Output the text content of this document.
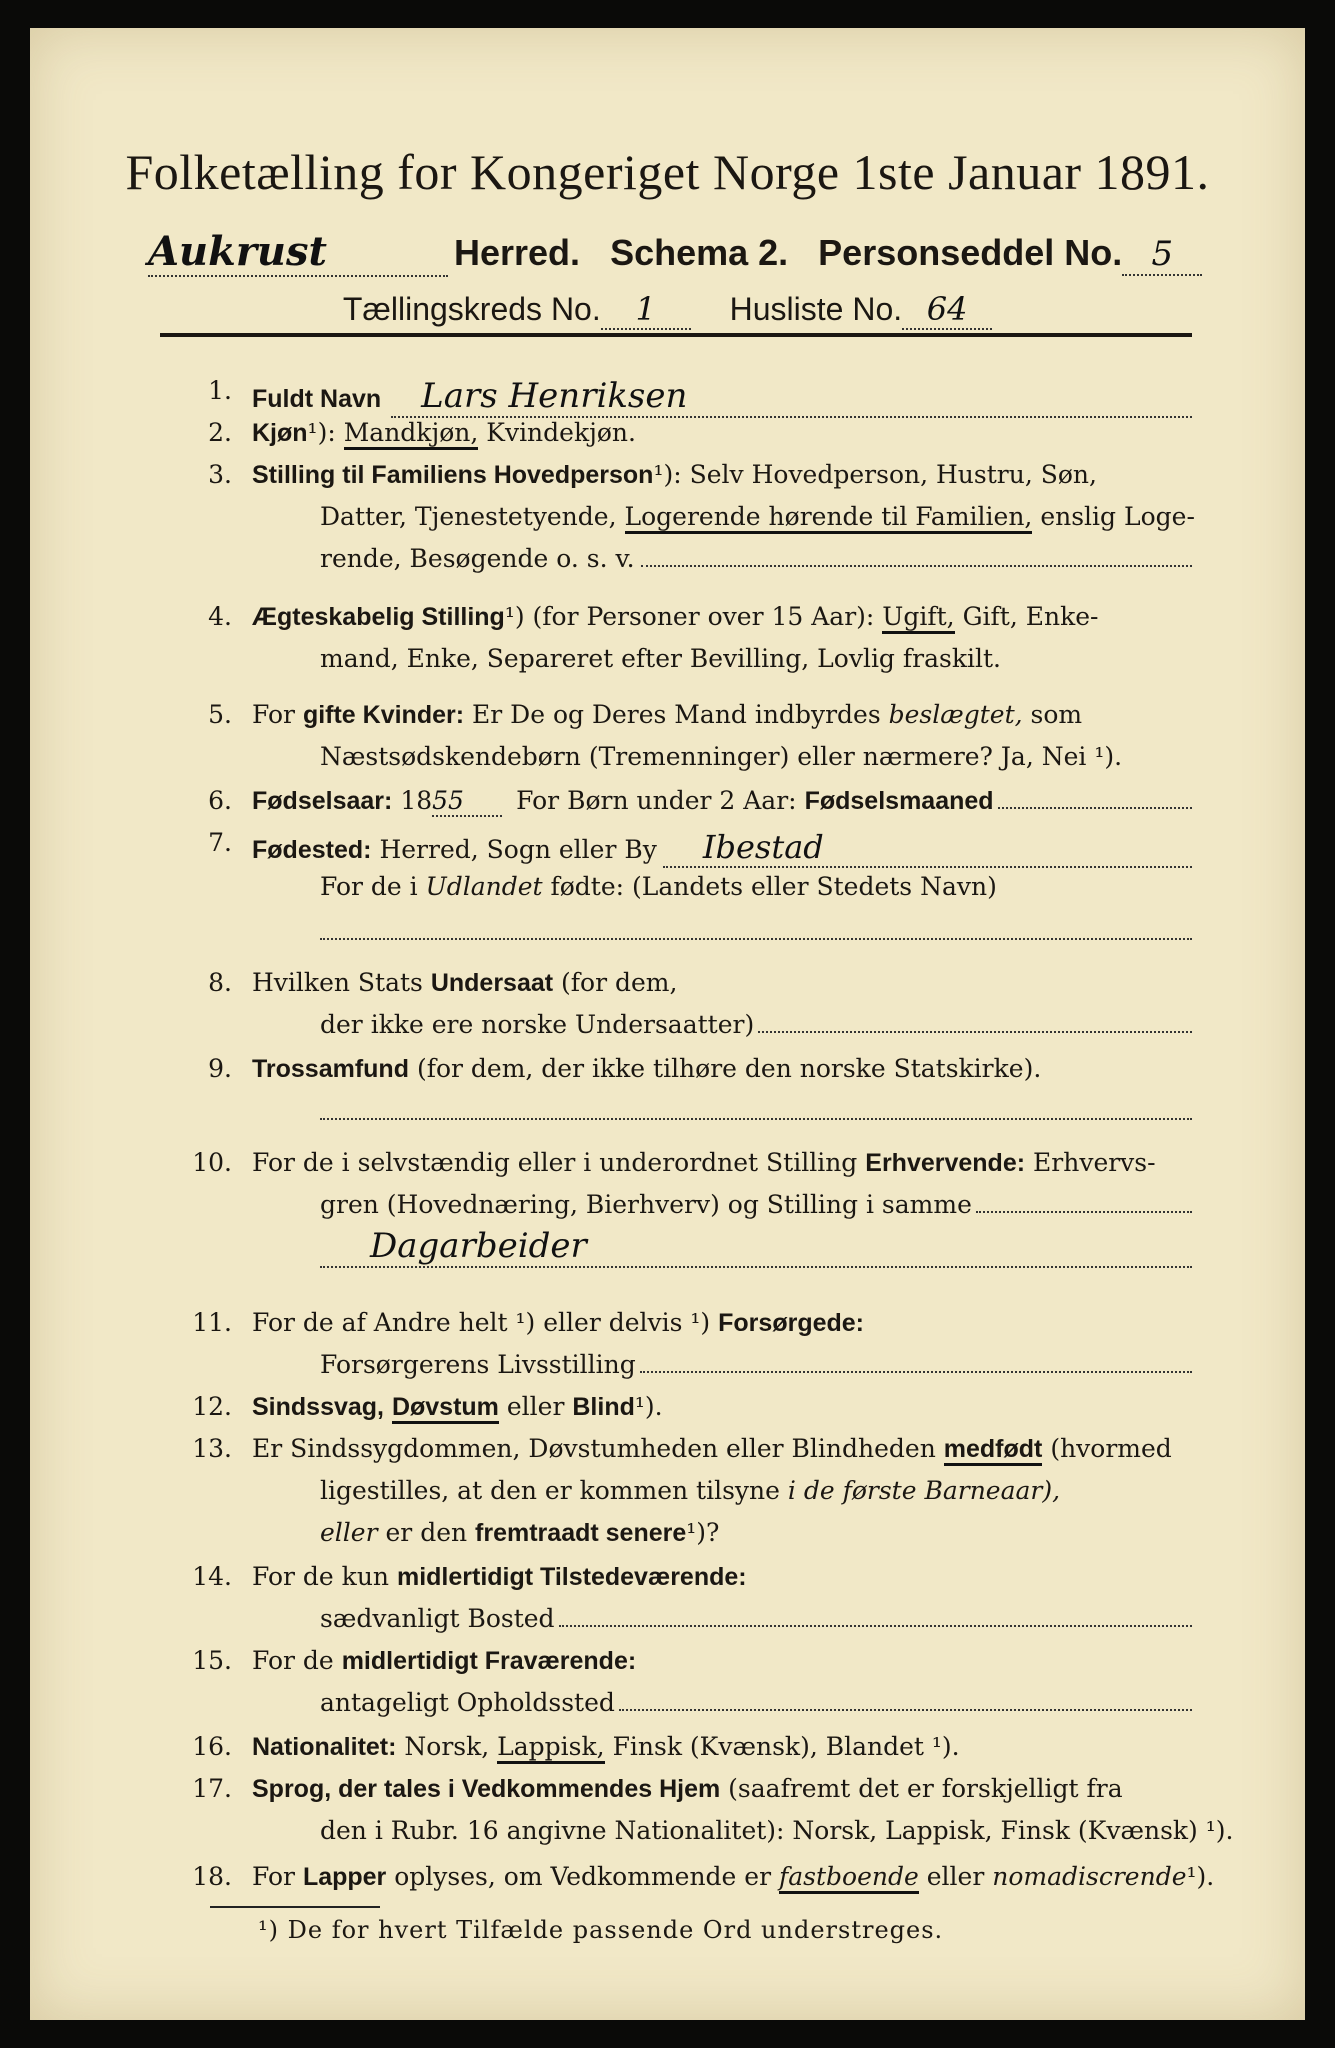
Folketælling for Kongeriget Norge 1ste Januar 1891.
Aukrust	Herred. Schema 2. Personseddel No. 5
Tællingskreds No. 1 Husliste No. 64
1. Fuldt Navn	Lars Henriksen
2. Kjøn¹): Mandkjøn, Kvindekjøn.
3. Stilling til Familiens Hovedperson¹): Selv Hovedperson, Hustru, Søn,
Datter, Tjenestetyende, Logerende hørende til Familien, enslig Loge-
rende, Besøgende o. s. v.
4. Ægteskabelig Stilling¹) (for Personer over 15 Aar): Ugift, Gift, Enke-
mand, Enke, Separeret efter Bevilling, Lovlig fraskilt.
5. For gifte Kvinder: Er De og Deres Mand indbyrdes beslægtet, som
Næstsødskendebørn (Tremenninger) eller nærmere? Ja, Nei ¹).
6. Fødselsaar: 18 55	For Børn under 2 Aar: Fødselsmaaned
7. Fødested: Herred, Sogn eller By	Ibestad
For de i Udlandet fødte: (Landets eller Stedets Navn)
8. Hvilken Stats Undersaat (for dem,
der ikke ere norske Undersaatter)
9. Trossamfund (for dem, der ikke tilhøre den norske Statskirke).
10. For de i selvstændig eller i underordnet Stilling Erhvervende: Erhvervs-
gren (Hovednæring, Bierhverv) og Stilling i samme
Dagarbeider
11. For de af Andre helt ¹) eller delvis ¹) Forsørgede:
Forsørgerens Livsstilling
12. Sindssvag, Døvstum eller Blind¹).
13. Er Sindssygdommen, Døvstumheden eller Blindheden medfødt (hvormed
ligestilles, at den er kommen tilsyne i de første Barneaar),
eller er den fremtraadt senere¹)?
14. For de kun midlertidigt Tilstedeværende:
sædvanligt Bosted
15. For de midlertidigt Fraværende:
antageligt Opholdssted
16. Nationalitet: Norsk, Lappisk, Finsk (Kvænsk), Blandet ¹).
17. Sprog, der tales i Vedkommendes Hjem (saafremt det er forskjelligt fra
den i Rubr. 16 angivne Nationalitet): Norsk, Lappisk, Finsk (Kvænsk) ¹).
18. For Lapper oplyses, om Vedkommende er fastboende eller nomadiscrende¹).
¹) De for hvert Tilfælde passende Ord understreges.
